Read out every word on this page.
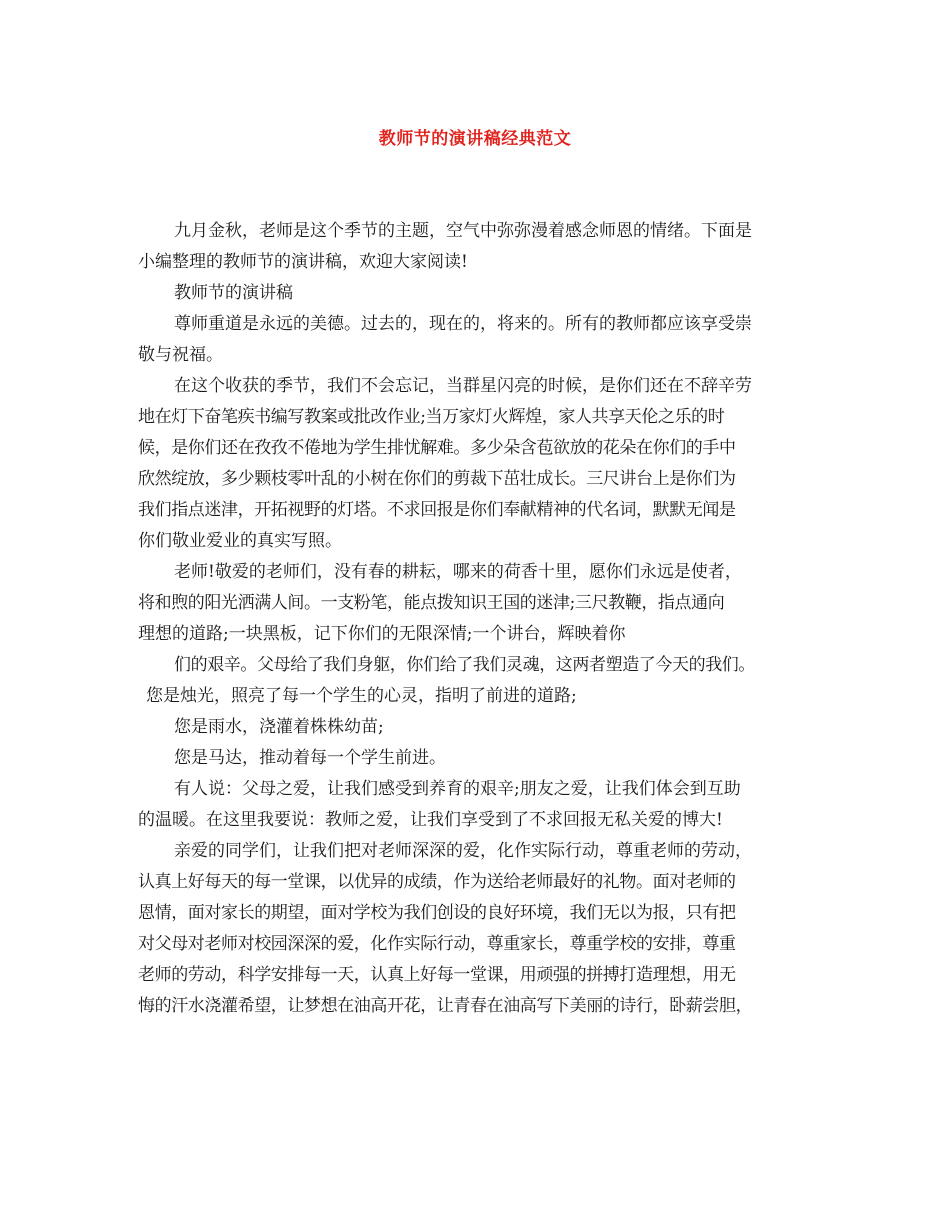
教师节的演讲稿经典范文
九月金秋，老师是这个季节的主题，空气中弥弥漫着感念师恩的情绪。下面是
小编整理的教师节的演讲稿，欢迎大家阅读!
教师节的演讲稿
尊师重道是永远的美德。过去的，现在的，将来的。所有的教师都应该享受崇
敬与祝福。
在这个收获的季节，我们不会忘记，当群星闪亮的时候，是你们还在不辞辛劳
地在灯下奋笔疾书编写教案或批改作业;当万家灯火辉煌，家人共享天伦之乐的时
候，是你们还在孜孜不倦地为学生排忧解难。多少朵含苞欲放的花朵在你们的手中
欣然绽放，多少颗枝零叶乱的小树在你们的剪裁下茁壮成长。三尺讲台上是你们为
我们指点迷津，开拓视野的灯塔。不求回报是你们奉献精神的代名词，默默无闻是
你们敬业爱业的真实写照。
老师!敬爱的老师们，没有春的耕耘，哪来的荷香十里，愿你们永远是使者，
将和煦的阳光洒满人间。一支粉笔，能点拨知识王国的迷津;三尺教鞭，指点通向
理想的道路;一块黑板，记下你们的无限深情;一个讲台，辉映着你
们的艰辛。父母给了我们身躯，你们给了我们灵魂，这两者塑造了今天的我们。
您是烛光，照亮了每一个学生的心灵，指明了前进的道路;
您是雨水，浇灌着株株幼苗;
您是马达，推动着每一个学生前进。
有人说：父母之爱，让我们感受到养育的艰辛;朋友之爱，让我们体会到互助
的温暖。在这里我要说：教师之爱，让我们享受到了不求回报无私关爱的博大!
亲爱的同学们，让我们把对老师深深的爱，化作实际行动，尊重老师的劳动，
认真上好每天的每一堂课，以优异的成绩，作为送给老师最好的礼物。面对老师的
恩情，面对家长的期望，面对学校为我们创设的良好环境，我们无以为报，只有把
对父母对老师对校园深深的爱，化作实际行动，尊重家长，尊重学校的安排，尊重
老师的劳动，科学安排每一天，认真上好每一堂课，用顽强的拼搏打造理想，用无
悔的汗水浇灌希望，让梦想在油高开花，让青春在油高写下美丽的诗行，卧薪尝胆，
